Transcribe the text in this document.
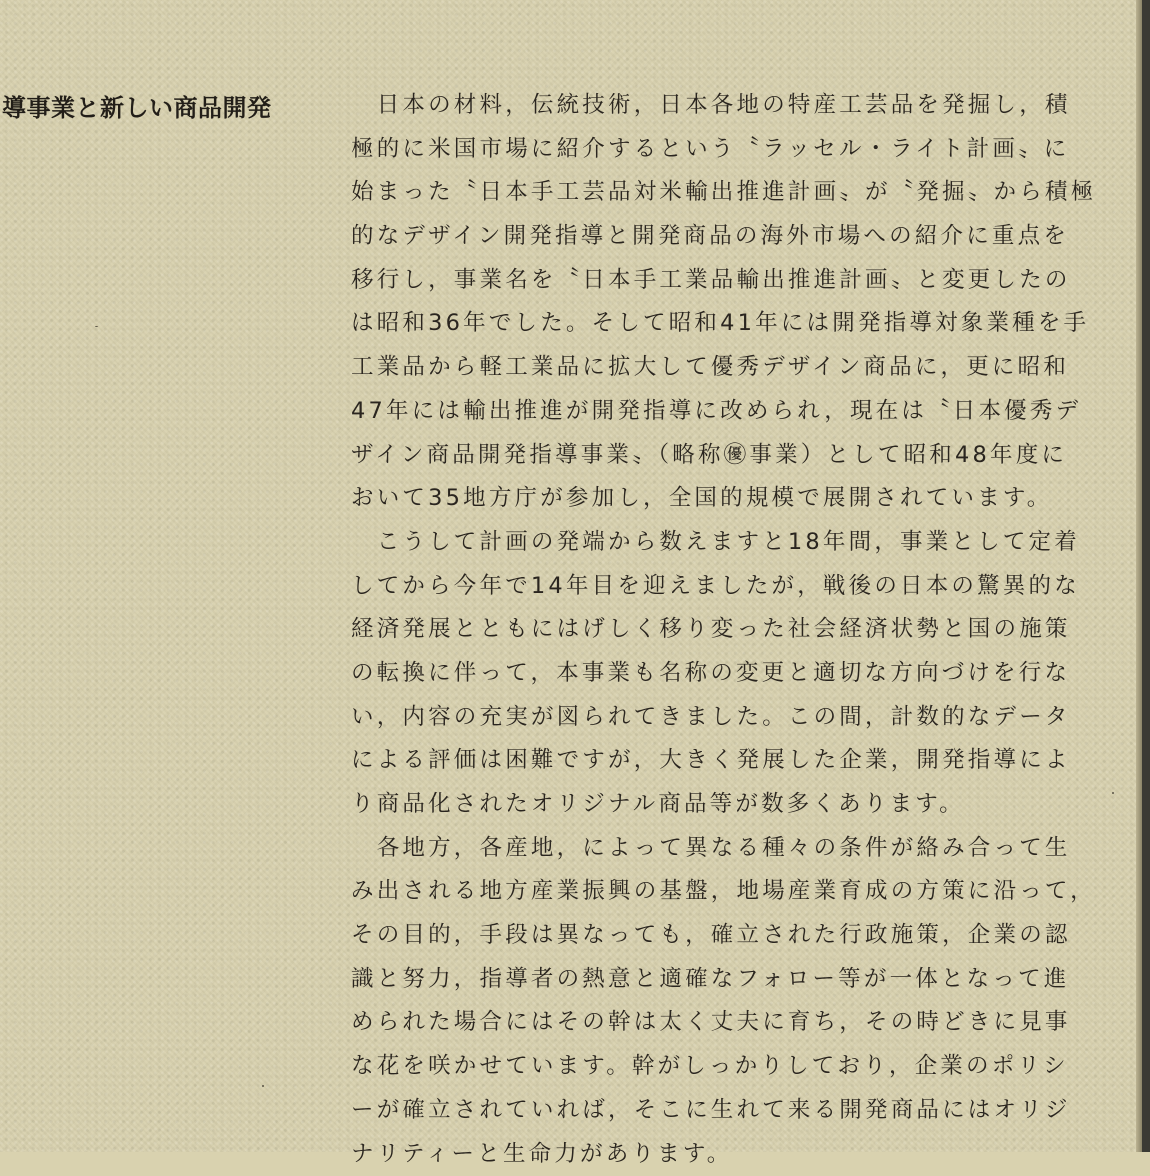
導事業と新しい商品開発	　日本の材料，伝統技術，日本各地の特産工芸品を発掘し，積
極的に米国市場に紹介するという〝ラッセル・ライト計画〟に
始まった〝日本手工芸品対米輸出推進計画〟が〝発掘〟から積極
的なデザイン開発指導と開発商品の海外市場への紹介に重点を
移行し，事業名を〝日本手工業品輸出推進計画〟と変更したの
は昭和36年でした。そして昭和41年には開発指導対象業種を手
工業品から軽工業品に拡大して優秀デザイン商品に，更に昭和
47年には輸出推進が開発指導に改められ，現在は〝日本優秀デ
ザイン商品開発指導事業〟（略称㊝事業）として昭和48年度に
おいて35地方庁が参加し，全国的規模で展開されています。
　こうして計画の発端から数えますと18年間，事業として定着
してから今年で14年目を迎えましたが，戦後の日本の驚異的な
経済発展とともにはげしく移り変った社会経済状勢と国の施策
の転換に伴って，本事業も名称の変更と適切な方向づけを行な
い，内容の充実が図られてきました。この間，計数的なデータ
による評価は困難ですが，大きく発展した企業，開発指導によ
り商品化されたオリジナル商品等が数多くあります。
　各地方，各産地，によって異なる種々の条件が絡み合って生
み出される地方産業振興の基盤，地場産業育成の方策に沿って，
その目的，手段は異なっても，確立された行政施策，企業の認
識と努力，指導者の熱意と適確なフォロー等が一体となって進
められた場合にはその幹は太く丈夫に育ち，その時どきに見事
な花を咲かせています。幹がしっかりしており，企業のポリシ
ーが確立されていれば，そこに生れて来る開発商品にはオリジ
ナリティーと生命力があります。
